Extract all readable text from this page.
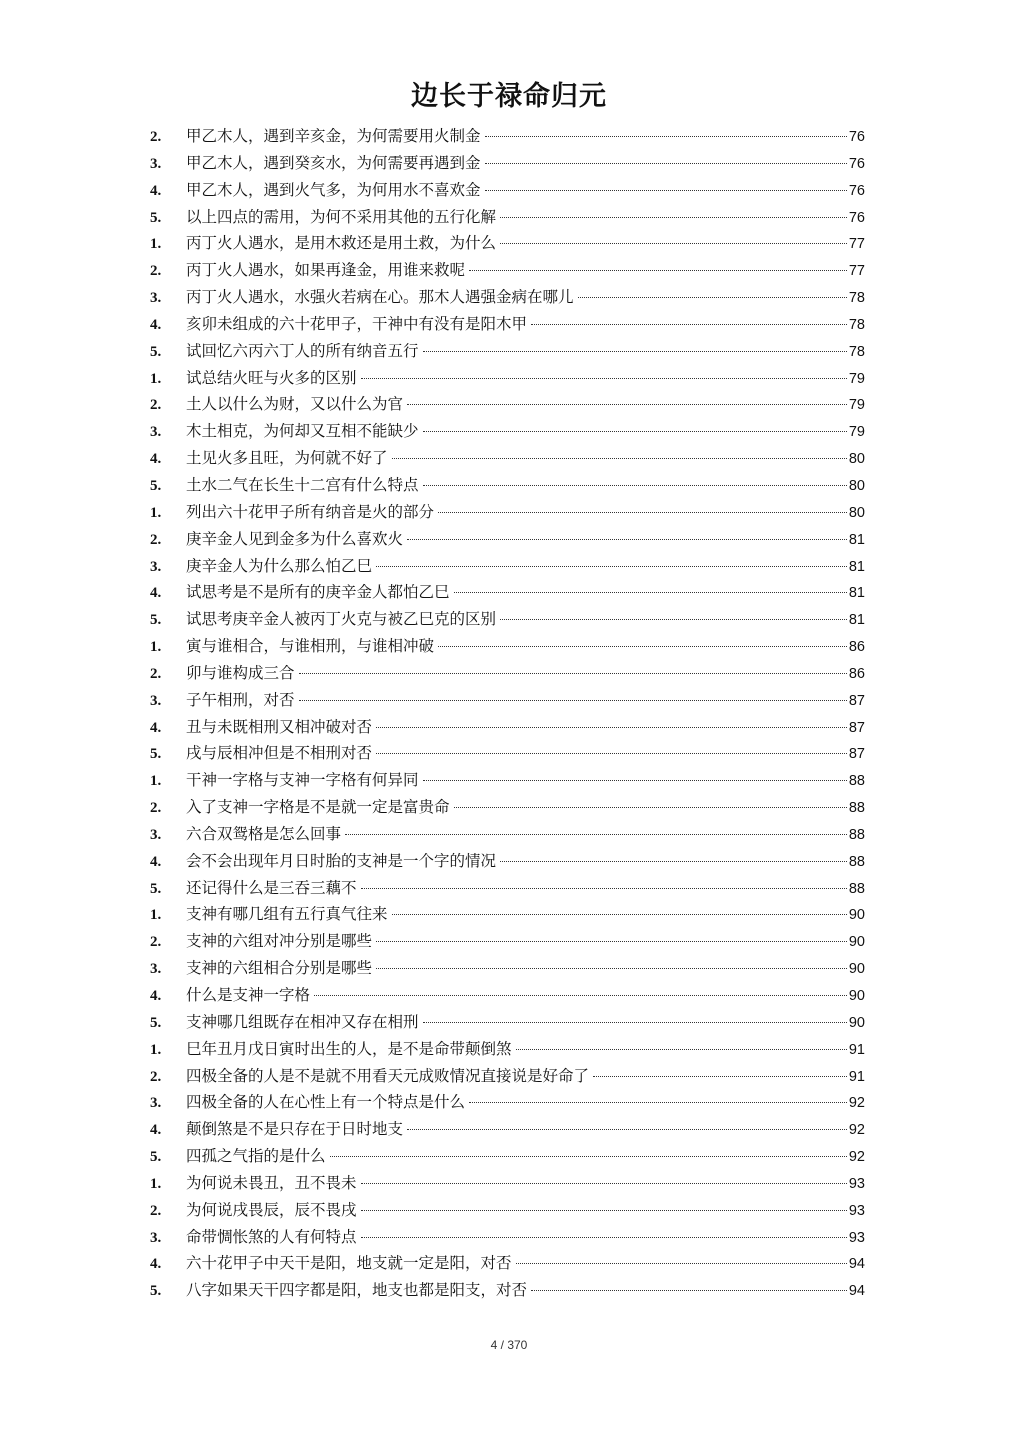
边长于禄命归元
2.	甲乙木人，遇到辛亥金，为何需要用火制金	76
3.	甲乙木人，遇到癸亥水，为何需要再遇到金	76
4.	甲乙木人，遇到火气多，为何用水不喜欢金	76
5.	以上四点的需用，为何不采用其他的五行化解	76
1.	丙丁火人遇水，是用木救还是用土救，为什么	77
2.	丙丁火人遇水，如果再逢金，用谁来救呢	77
3.	丙丁火人遇水，水强火若病在心。那木人遇强金病在哪儿	78
4.	亥卯未组成的六十花甲子，干神中有没有是阳木甲	78
5.	试回忆六丙六丁人的所有纳音五行	78
1.	试总结火旺与火多的区别	79
2.	土人以什么为财，又以什么为官	79
3.	木土相克，为何却又互相不能缺少	79
4.	土见火多且旺，为何就不好了	80
5.	土水二气在长生十二宫有什么特点	80
1.	列出六十花甲子所有纳音是火的部分	80
2.	庚辛金人见到金多为什么喜欢火	81
3.	庚辛金人为什么那么怕乙巳	81
4.	试思考是不是所有的庚辛金人都怕乙巳	81
5.	试思考庚辛金人被丙丁火克与被乙巳克的区别	81
1.	寅与谁相合，与谁相刑，与谁相冲破	86
2.	卯与谁构成三合	86
3.	子午相刑，对否	87
4.	丑与未既相刑又相冲破对否	87
5.	戌与辰相冲但是不相刑对否	87
1.	干神一字格与支神一字格有何异同	88
2.	入了支神一字格是不是就一定是富贵命	88
3.	六合双鸳格是怎么回事	88
4.	会不会出现年月日时胎的支神是一个字的情况	88
5.	还记得什么是三吞三藕不	88
1.	支神有哪几组有五行真气往来	90
2.	支神的六组对冲分别是哪些	90
3.	支神的六组相合分别是哪些	90
4.	什么是支神一字格	90
5.	支神哪几组既存在相冲又存在相刑	90
1.	巳年丑月戊日寅时出生的人，是不是命带颠倒煞	91
2.	四极全备的人是不是就不用看天元成败情况直接说是好命了	91
3.	四极全备的人在心性上有一个特点是什么	92
4.	颠倒煞是不是只存在于日时地支	92
5.	四孤之气指的是什么	92
1.	为何说未畏丑，丑不畏未	93
2.	为何说戌畏辰，辰不畏戌	93
3.	命带惆怅煞的人有何特点	93
4.	六十花甲子中天干是阳，地支就一定是阳，对否	94
5.	八字如果天干四字都是阳，地支也都是阳支，对否	94
4 / 370
